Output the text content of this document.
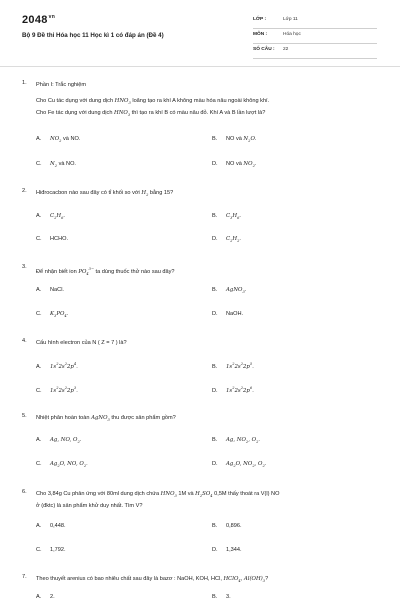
$2048^{vn}$
Bộ 9 Đề thi Hóa học 11 Học kì 1 có đáp án (Đề 4)
LỚP :	Lớp 11
MÔN :	Hóa học
SỐ CÂU : 22
1. Phần I: Trắc nghiệm
Cho Cu tác dụng với dung dịch $HNO_3$ loãng tạo ra khí A không màu hóa nâu ngoài không khí.
Cho Fe tác dụng với dung dịch $HNO_3$ thì tạo ra khí B có màu nâu đỏ. Khí A và B lần lượt là?
A. $NO_2$ và NO.	B. NO và $N_2O$.
C. $N_2$ và NO.	D. NO và $NO_2$.
2. Hiđrocacbon nào sau đây có tỉ khối so với $H_2$ bằng 15?
A. $C_2H_6$.	B. $C_3H_6$.
C. HCHO.	D. $C_2H_2$.
3.
Để nhận biết ion $PO_4^{3-}$ ta dùng thuốc thử nào sau đây?
A. NaCl.	B. AgNO$_3$.
C. $K_3PO_4$.	D. NaOH.
4. Cấu hình electron của N ( Z = 7 ) là?
A. $1s^22s^22p^4$.	B. $1s^22s^22p^5$.
C. $1s^22s^22p^3$.	D. $1s^22s^22p^6$.
5. Nhiệt phân hoàn toàn AgNO$_3$ thu được sản phẩm gồm?
A. Ag, NO, $O_2$.	B. Ag, $NO_2$, $O_2$.
C. $Ag_2O$, NO, $O_2$.	D. $Ag_2O$, $NO_2$, $O_2$.
6. Cho 3,84g Cu phản ứng với 80ml dung dịch chứa $HNO_3$ 1M và $H_2SO_4$ 0,5M thấy thoát ra V(l) NO
ở (đktc) là sản phẩm khử duy nhất. Tìm V?
A. 0,448.	B. 0,896.
C. 1,792.	D. 1,344.
7. Theo thuyết arenius có bao nhiêu chất sau đây là bazơ : NaOH, KOH, HCl, HClO$_4$, $Al(OH)_3$?
A. 2.	B. 3.
